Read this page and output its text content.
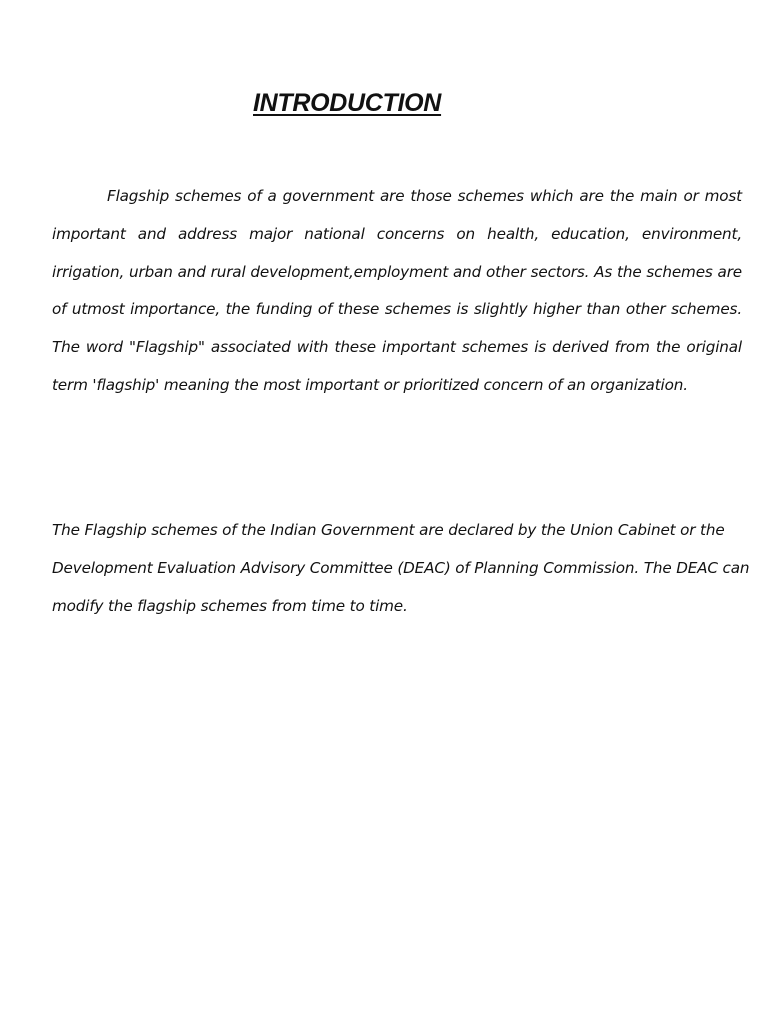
INTRODUCTION

Flagship schemes of a government are those schemes which are the main or most important and address major national concerns on health, education, environment, irrigation, urban and rural development,employment and other sectors. As the schemes are of utmost importance, the funding of these schemes is slightly higher than other schemes. The word "Flagship" associated with these important schemes is derived from the original term 'flagship' meaning the most important or prioritized concern of an organization.

The Flagship schemes of the Indian Government are declared by the Union Cabinet or the Development Evaluation Advisory Committee (DEAC) of Planning Commission. The DEAC can modify the flagship schemes from time to time.
